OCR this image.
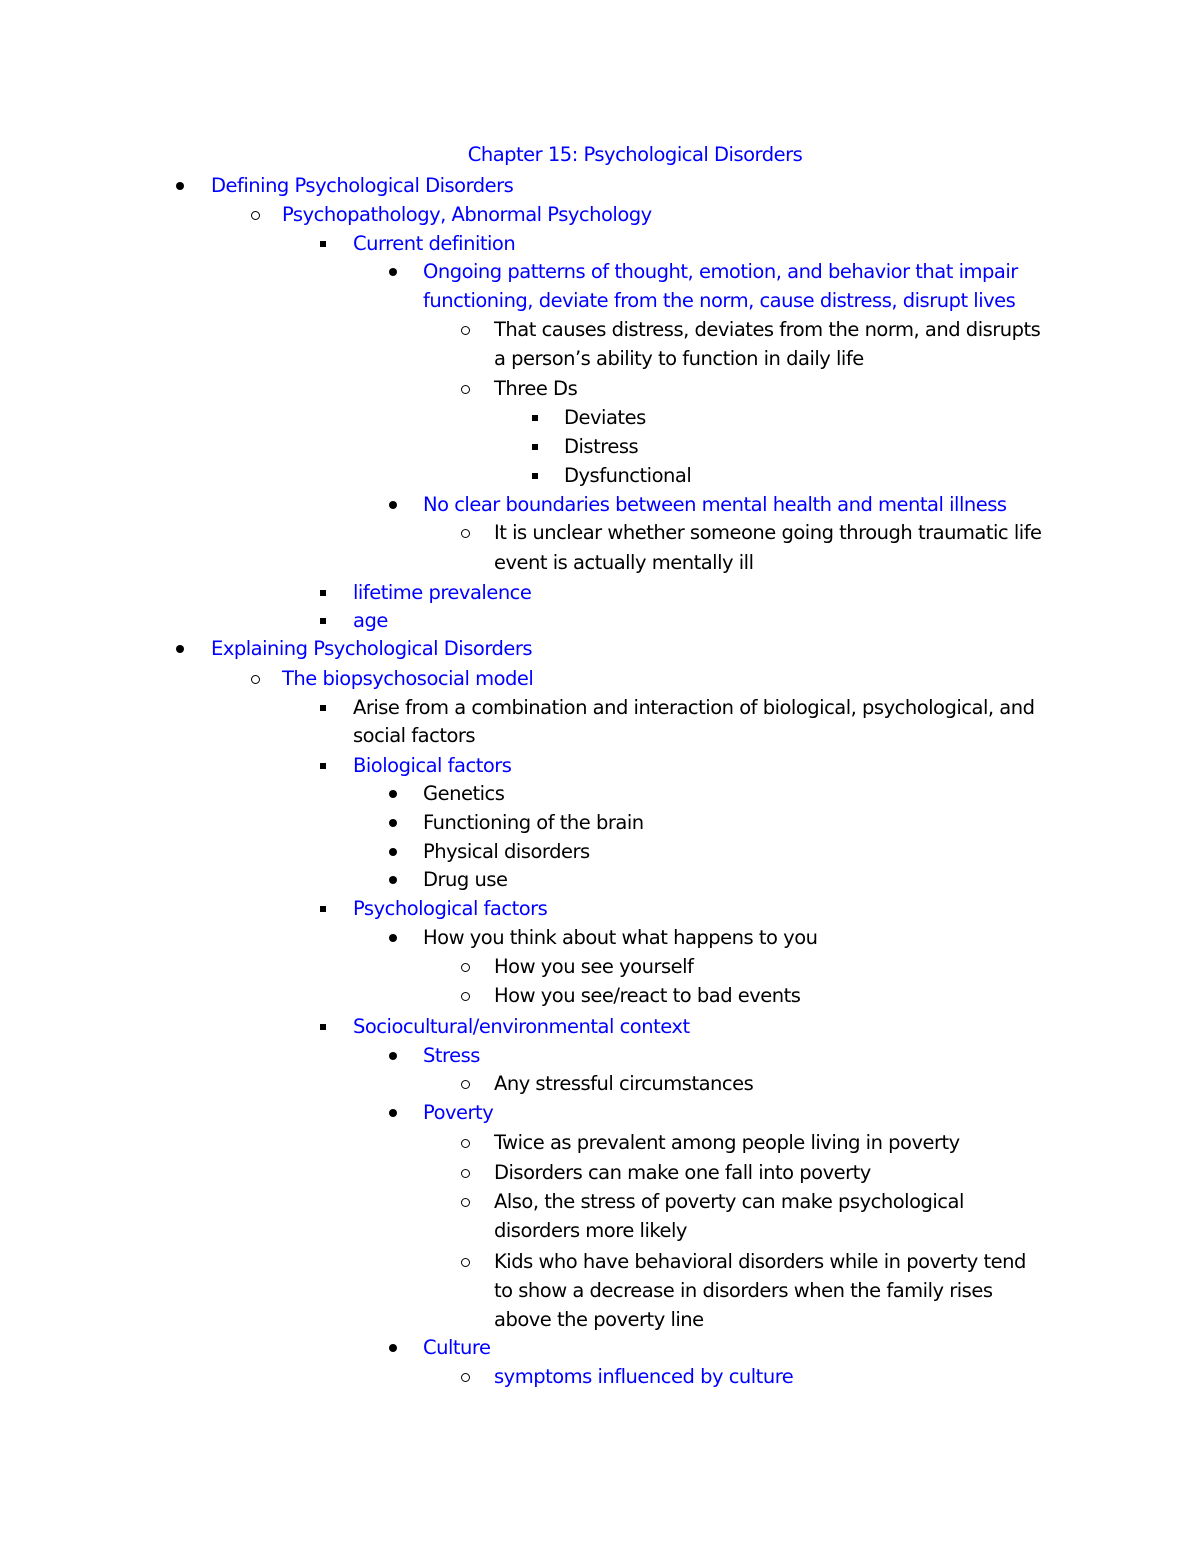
Chapter 15: Psychological Disorders
Defining Psychological Disorders
Psychopathology, Abnormal Psychology
Current definition
Ongoing patterns of thought, emotion, and behavior that impair
functioning, deviate from the norm, cause distress, disrupt lives
That causes distress, deviates from the norm, and disrupts
a person’s ability to function in daily life
Three Ds
Deviates
Distress
Dysfunctional
No clear boundaries between mental health and mental illness
It is unclear whether someone going through traumatic life
event is actually mentally ill
lifetime prevalence
age
Explaining Psychological Disorders
The biopsychosocial model
Arise from a combination and interaction of biological, psychological, and
social factors
Biological factors
Genetics
Functioning of the brain
Physical disorders
Drug use
Psychological factors
How you think about what happens to you
How you see yourself
How you see/react to bad events
Sociocultural/environmental context
Stress
Any stressful circumstances
Poverty
Twice as prevalent among people living in poverty
Disorders can make one fall into poverty
Also, the stress of poverty can make psychological
disorders more likely
Kids who have behavioral disorders while in poverty tend
to show a decrease in disorders when the family rises
above the poverty line
Culture
symptoms influenced by culture
